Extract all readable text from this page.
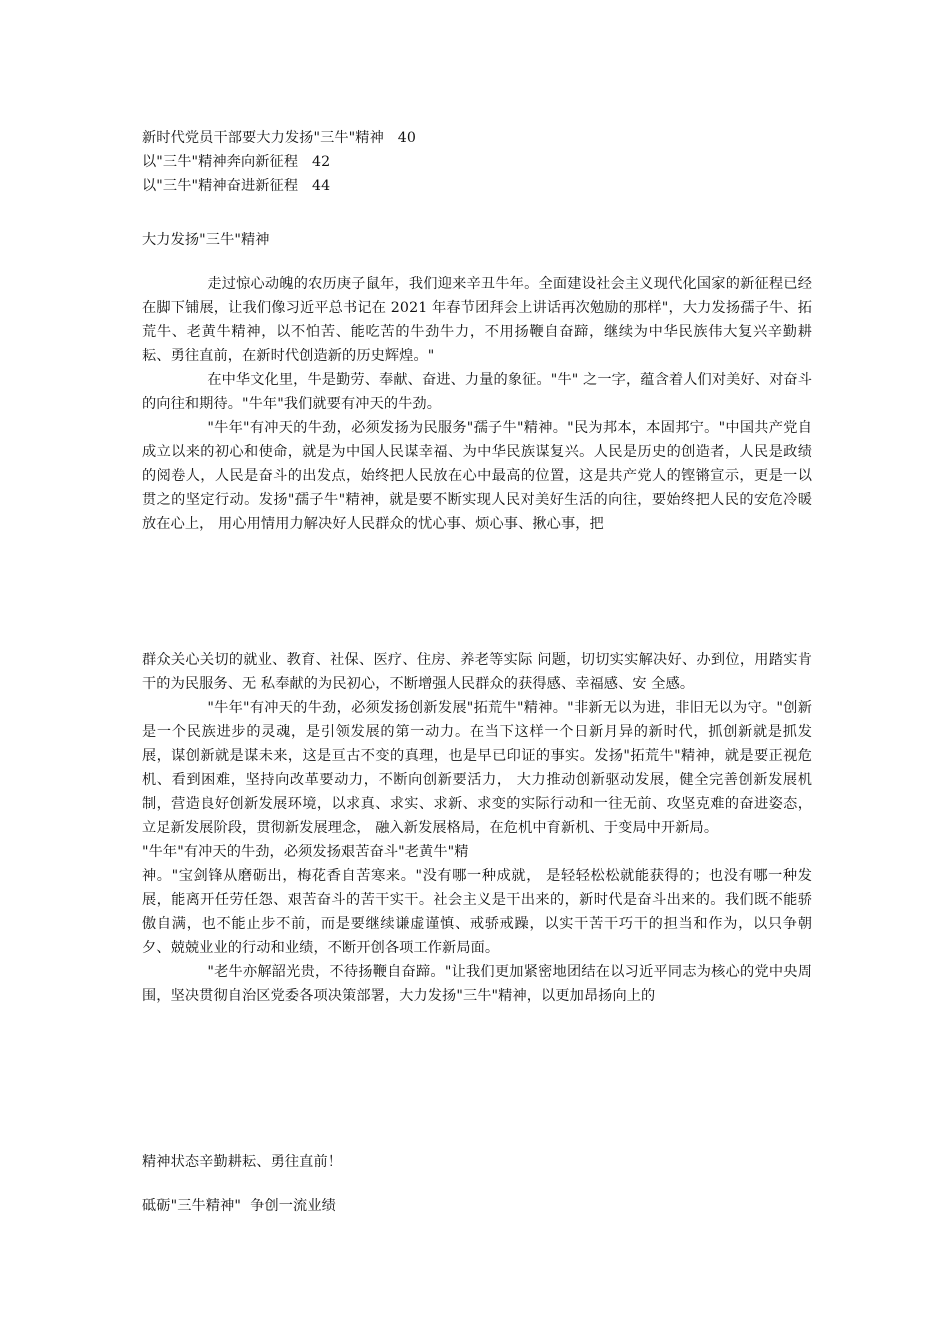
新时代党员干部要大力发扬"三牛"精神 40
以"三牛"精神奔向新征程 42
以"三牛"精神奋进新征程 44
大力发扬"三牛"精神

走过惊心动魄的农历庚子鼠年，我们迎来辛丑牛年。全面建设社会主义现代化国家的新征程已经在脚下铺展，让我们像习近平总书记在 2021 年春节团拜会上讲话再次勉励的那样"，大力发扬孺子牛、拓荒牛、老黄牛精神，以不怕苦、能吃苦的牛劲牛力，不用扬鞭自奋蹄，继续为中华民族伟大复兴辛勤耕耘、勇往直前，在新时代创造新的历史辉煌。"

在中华文化里，牛是勤劳、奉献、奋进、力量的象征。"牛" 之一字，蕴含着人们对美好、对奋斗的向往和期待。"牛年"我们就要有冲天的牛劲。

"牛年"有冲天的牛劲，必须发扬为民服务"孺子牛"精神。"民为邦本，本固邦宁。"中国共产党自成立以来的初心和使命，就是为中国人民谋幸福、为中华民族谋复兴。人民是历史的创造者，人民是政绩的阅卷人，人民是奋斗的出发点，始终把人民放在心中最高的位置，这是共产党人的铿锵宣示，更是一以贯之的坚定行动。发扬"孺子牛"精神，就是要不断实现人民对美好生活的向往，要始终把人民的安危冷暖放在心上， 用心用情用力解决好人民群众的忧心事、烦心事、揪心事，把

群众关心关切的就业、教育、社保、医疗、住房、养老等实际 问题，切切实实解决好、办到位，用踏实肯干的为民服务、无 私奉献的为民初心，不断增强人民群众的获得感、幸福感、安 全感。

"牛年"有冲天的牛劲，必须发扬创新发展"拓荒牛"精神。"非新无以为进，非旧无以为守。"创新是一个民族进步的灵魂，是引领发展的第一动力。在当下这样一个日新月异的新时代，抓创新就是抓发展，谋创新就是谋未来，这是亘古不变的真理，也是早已印证的事实。发扬"拓荒牛"精神，就是要正视危机、看到困难，坚持向改革要动力，不断向创新要活力， 大力推动创新驱动发展，健全完善创新发展机制，营造良好创新发展环境，以求真、求实、求新、求变的实际行动和一往无前、攻坚克难的奋进姿态，立足新发展阶段，贯彻新发展理念， 融入新发展格局，在危机中育新机、于变局中开新局。

"牛年"有冲天的牛劲，必须发扬艰苦奋斗"老黄牛"精

神。"宝剑锋从磨砺出，梅花香自苦寒来。"没有哪一种成就， 是轻轻松松就能获得的；也没有哪一种发展，能离开任劳任怨、艰苦奋斗的苦干实干。社会主义是干出来的，新时代是奋斗出来的。我们既不能骄傲自满，也不能止步不前，而是要继续谦虚谨慎、戒骄戒躁，以实干苦干巧干的担当和作为，以只争朝夕、兢兢业业的行动和业绩，不断开创各项工作新局面。

"老牛亦解韶光贵，不待扬鞭自奋蹄。"让我们更加紧密地团结在以习近平同志为核心的党中央周围，坚决贯彻自治区党委各项决策部署，大力发扬"三牛"精神，以更加昂扬向上的

精神状态辛勤耕耘、勇往直前！
砥砺"三牛精神"  争创一流业绩
